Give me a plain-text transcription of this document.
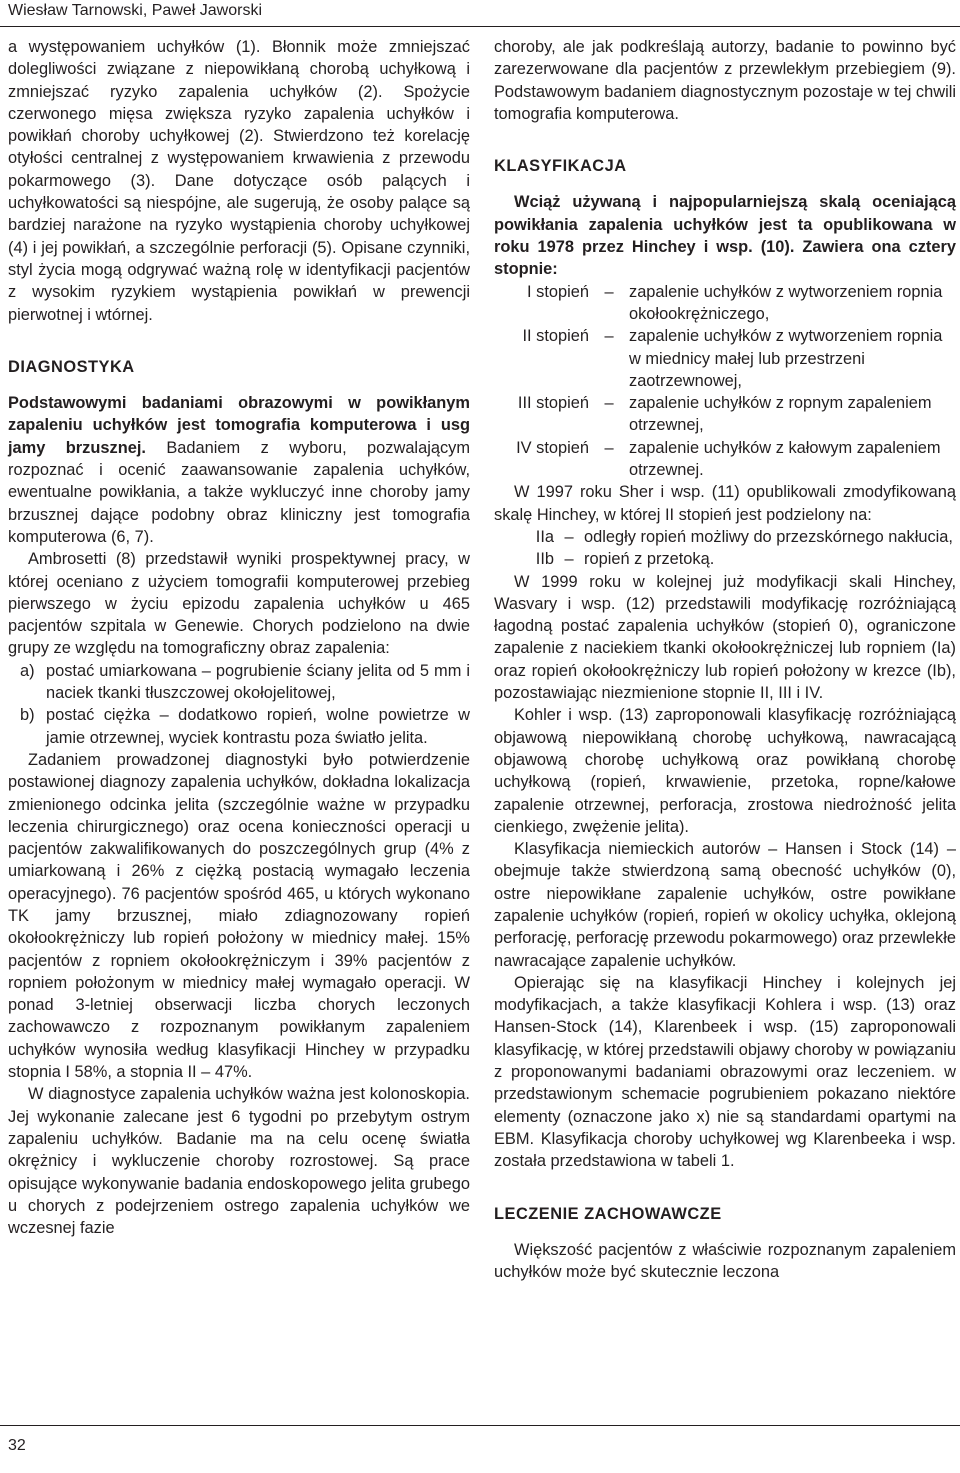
Wiesław Tarnowski, Paweł Jaworski

a występowaniem uchyłków (1). Błonnik może zmniejszać dolegliwości związane z niepowikłaną chorobą uchyłkową i zmniejszać ryzyko zapalenia uchyłków (2). Spożycie czerwonego mięsa zwiększa ryzyko zapalenia uchyłków i powikłań choroby uchyłkowej (2). Stwierdzono też korelację otyłości centralnej z występowaniem krwawienia z przewodu pokarmowego (3). Dane dotyczące osób palących i uchyłkowatości są niespójne, ale sugerują, że osoby palące są bardziej narażone na ryzyko wystąpienia choroby uchyłkowej (4) i jej powikłań, a szczególnie perforacji (5). Opisane czynniki, styl życia mogą odgrywać ważną rolę w identyfikacji pacjentów z wysokim ryzykiem wystąpienia powikłań w prewencji pierwotnej i wtórnej.

DIAGNOSTYKA

Podstawowymi badaniami obrazowymi w powikłanym zapaleniu uchyłków jest tomografia komputerowa i usg jamy brzusznej. Badaniem z wyboru, pozwalającym rozpoznać i ocenić zaawansowanie zapalenia uchyłków, ewentualne powikłania, a także wykluczyć inne choroby jamy brzusznej dające podobny obraz kliniczny jest tomografia komputerowa (6, 7).

Ambrosetti (8) przedstawił wyniki prospektywnej pracy, w której oceniano z użyciem tomografii komputerowej przebieg pierwszego w życiu epizodu zapalenia uchyłków u 465 pacjentów szpitala w Genewie. Chorych podzielono na dwie grupy ze względu na tomograficzny obraz zapalenia:

a) postać umiarkowana – pogrubienie ściany jelita od 5 mm i naciek tkanki tłuszczowej okołojelitowej,
b) postać ciężka – dodatkowo ropień, wolne powietrze w jamie otrzewnej, wyciek kontrastu poza światło jelita.

Zadaniem prowadzonej diagnostyki było potwierdzenie postawionej diagnozy zapalenia uchyłków, dokładna lokalizacja zmienionego odcinka jelita (szczególnie ważne w przypadku leczenia chirurgicznego) oraz ocena konieczności operacji u pacjentów zakwalifikowanych do poszczególnych grup (4% z umiarkowaną i 26% z ciężką postacią wymagało leczenia operacyjnego). 76 pacjentów spośród 465, u których wykonano TK jamy brzusznej, miało zdiagnozowany ropień okołookrężniczy lub ropień położony w miednicy małej. 15% pacjentów z ropniem okołookrężniczym i 39% pacjentów z ropniem położonym w miednicy małej wymagało operacji. W ponad 3-letniej obserwacji liczba chorych leczonych zachowawczo z rozpoznanym powikłanym zapaleniem uchyłków wynosiła według klasyfikacji Hinchey w przypadku stopnia I 58%, a stopnia II – 47%.

W diagnostyce zapalenia uchyłków ważna jest kolonoskopia. Jej wykonanie zalecane jest 6 tygodni po przebytym ostrym zapaleniu uchyłków. Badanie ma na celu ocenę światła okrężnicy i wykluczenie choroby rozrostowej. Są prace opisujące wykonywanie badania endoskopowego jelita grubego u chorych z podejrzeniem ostrego zapalenia uchyłków we wczesnej fazie

choroby, ale jak podkreślają autorzy, badanie to powinno być zarezerwowane dla pacjentów z przewlekłym przebiegiem (9). Podstawowym badaniem diagnostycznym pozostaje w tej chwili tomografia komputerowa.

KLASYFIKACJA

Wciąż używaną i najpopularniejszą skalą oceniającą powikłania zapalenia uchyłków jest ta opublikowana w roku 1978 przez Hinchey i wsp. (10). Zawiera ona cztery stopnie:

I stopień – zapalenie uchyłków z wytworzeniem ropnia okołookrężniczego,
II stopień – zapalenie uchyłków z wytworzeniem ropnia w miednicy małej lub przestrzeni zaotrzewnowej,
III stopień – zapalenie uchyłków z ropnym zapaleniem otrzewnej,
IV stopień – zapalenie uchyłków z kałowym zapaleniem otrzewnej.

W 1997 roku Sher i wsp. (11) opublikowali zmodyfikowaną skalę Hinchey, w której II stopień jest podzielony na:

IIa – odległy ropień możliwy do przezskórnego nakłucia,
IIb – ropień z przetoką.

W 1999 roku w kolejnej już modyfikacji skali Hinchey, Wasvary i wsp. (12) przedstawili modyfikację rozróżniającą łagodną postać zapalenia uchyłków (stopień 0), ograniczone zapalenie z naciekiem tkanki okołookrężniczej lub ropniem (Ia) oraz ropień okołookrężniczy lub ropień położony w krezce (Ib), pozostawiając niezmienione stopnie II, III i IV.

Kohler i wsp. (13) zaproponowali klasyfikację rozróżniającą objawową niepowikłaną chorobę uchyłkową, nawracającą objawową chorobę uchyłkową oraz powikłaną chorobę uchyłkową (ropień, krwawienie, przetoka, ropne/kałowe zapalenie otrzewnej, perforacja, zrostowa niedrożność jelita cienkiego, zwężenie jelita).

Klasyfikacja niemieckich autorów – Hansen i Stock (14) – obejmuje także stwierdzoną samą obecność uchyłków (0), ostre niepowikłane zapalenie uchyłków, ostre powikłane zapalenie uchyłków (ropień, ropień w okolicy uchyłka, oklejoną perforację, perforację przewodu pokarmowego) oraz przewlekłe nawracające zapalenie uchyłków.

Opierając się na klasyfikacji Hinchey i kolejnych jej modyfikacjach, a także klasyfikacji Kohlera i wsp. (13) oraz Hansen-Stock (14), Klarenbeek i wsp. (15) zaproponowali klasyfikację, w której przedstawili objawy choroby w powiązaniu z proponowanymi badaniami obrazowymi oraz leczeniem. w przedstawionym schemacie pogrubieniem pokazano niektóre elementy (oznaczone jako x) nie są standardami opartymi na EBM. Klasyfikacja choroby uchyłkowej wg Klarenbeeka i wsp. została przedstawiona w tabeli 1.

LECZENIE ZACHOWAWCZE

Większość pacjentów z właściwie rozpoznanym zapaleniem uchyłków może być skutecznie leczona

32
